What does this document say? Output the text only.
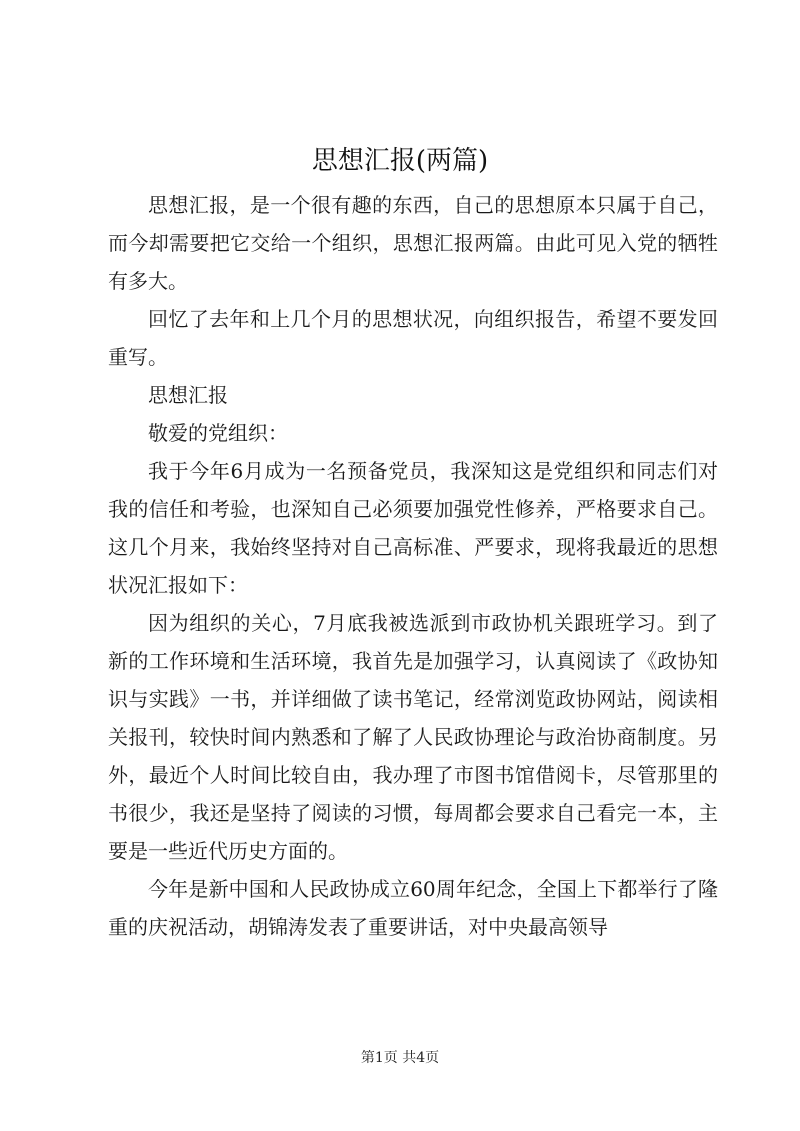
思想汇报(两篇)

思想汇报，是一个很有趣的东西，自己的思想原本只属于自己，而今却需要把它交给一个组织，思想汇报两篇。由此可见入党的牺牲有多大。

回忆了去年和上几个月的思想状况，向组织报告，希望不要发回重写。

思想汇报

敬爱的党组织：

我于今年6月成为一名预备党员，我深知这是党组织和同志们对我的信任和考验，也深知自己必须要加强党性修养，严格要求自己。这几个月来，我始终坚持对自己高标准、严要求，现将我最近的思想状况汇报如下：

因为组织的关心，7月底我被选派到市政协机关跟班学习。到了新的工作环境和生活环境，我首先是加强学习，认真阅读了《政协知识与实践》一书，并详细做了读书笔记，经常浏览政协网站，阅读相关报刊，较快时间内熟悉和了解了人民政协理论与政治协商制度。另外，最近个人时间比较自由，我办理了市图书馆借阅卡，尽管那里的书很少，我还是坚持了阅读的习惯，每周都会要求自己看完一本，主要是一些近代历史方面的。

今年是新中国和人民政协成立60周年纪念，全国上下都举行了隆重的庆祝活动，胡锦涛发表了重要讲话，对中央最高领导

第1页 共4页
